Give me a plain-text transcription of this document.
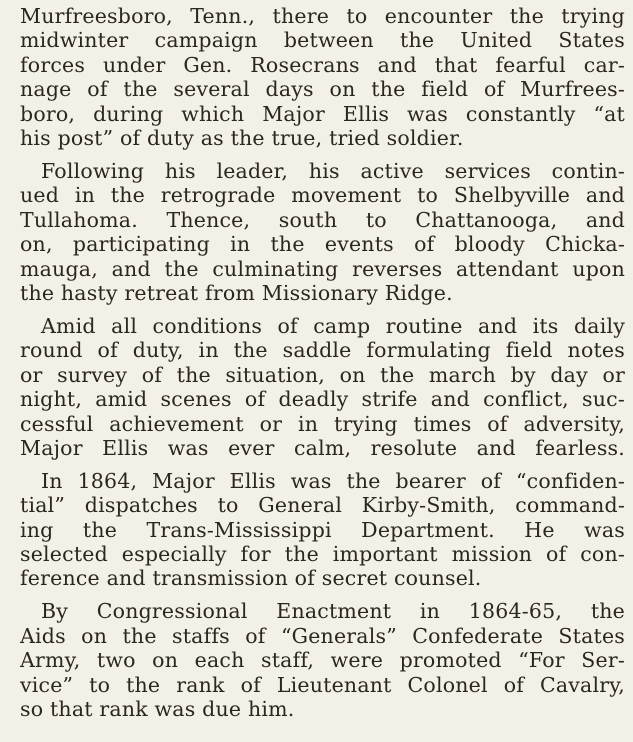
Murfreesboro, Tenn., there to encounter the trying
midwinter campaign between the United States
forces under Gen. Rosecrans and that fearful car-
nage of the several days on the field of Murfrees-
boro, during which Major Ellis was constantly “at
his post” of duty as the true, tried soldier.
Following his leader, his active services contin-
ued in the retrograde movement to Shelbyville and
Tullahoma. Thence, south to Chattanooga, and
on, participating in the events of bloody Chicka-
mauga, and the culminating reverses attendant upon
the hasty retreat from Missionary Ridge.
Amid all conditions of camp routine and its daily
round of duty, in the saddle formulating field notes
or survey of the situation, on the march by day or
night, amid scenes of deadly strife and conflict, suc-
cessful achievement or in trying times of adversity,
Major Ellis was ever calm, resolute and fearless.
In 1864, Major Ellis was the bearer of “confiden-
tial” dispatches to General Kirby-Smith, command-
ing the Trans-Mississippi Department. He was
selected especially for the important mission of con-
ference and transmission of secret counsel.
By Congressional Enactment in 1864-65, the
Aids on the staffs of “Generals” Confederate States
Army, two on each staff, were promoted “For Ser-
vice” to the rank of Lieutenant Colonel of Cavalry,
so that rank was due him.
